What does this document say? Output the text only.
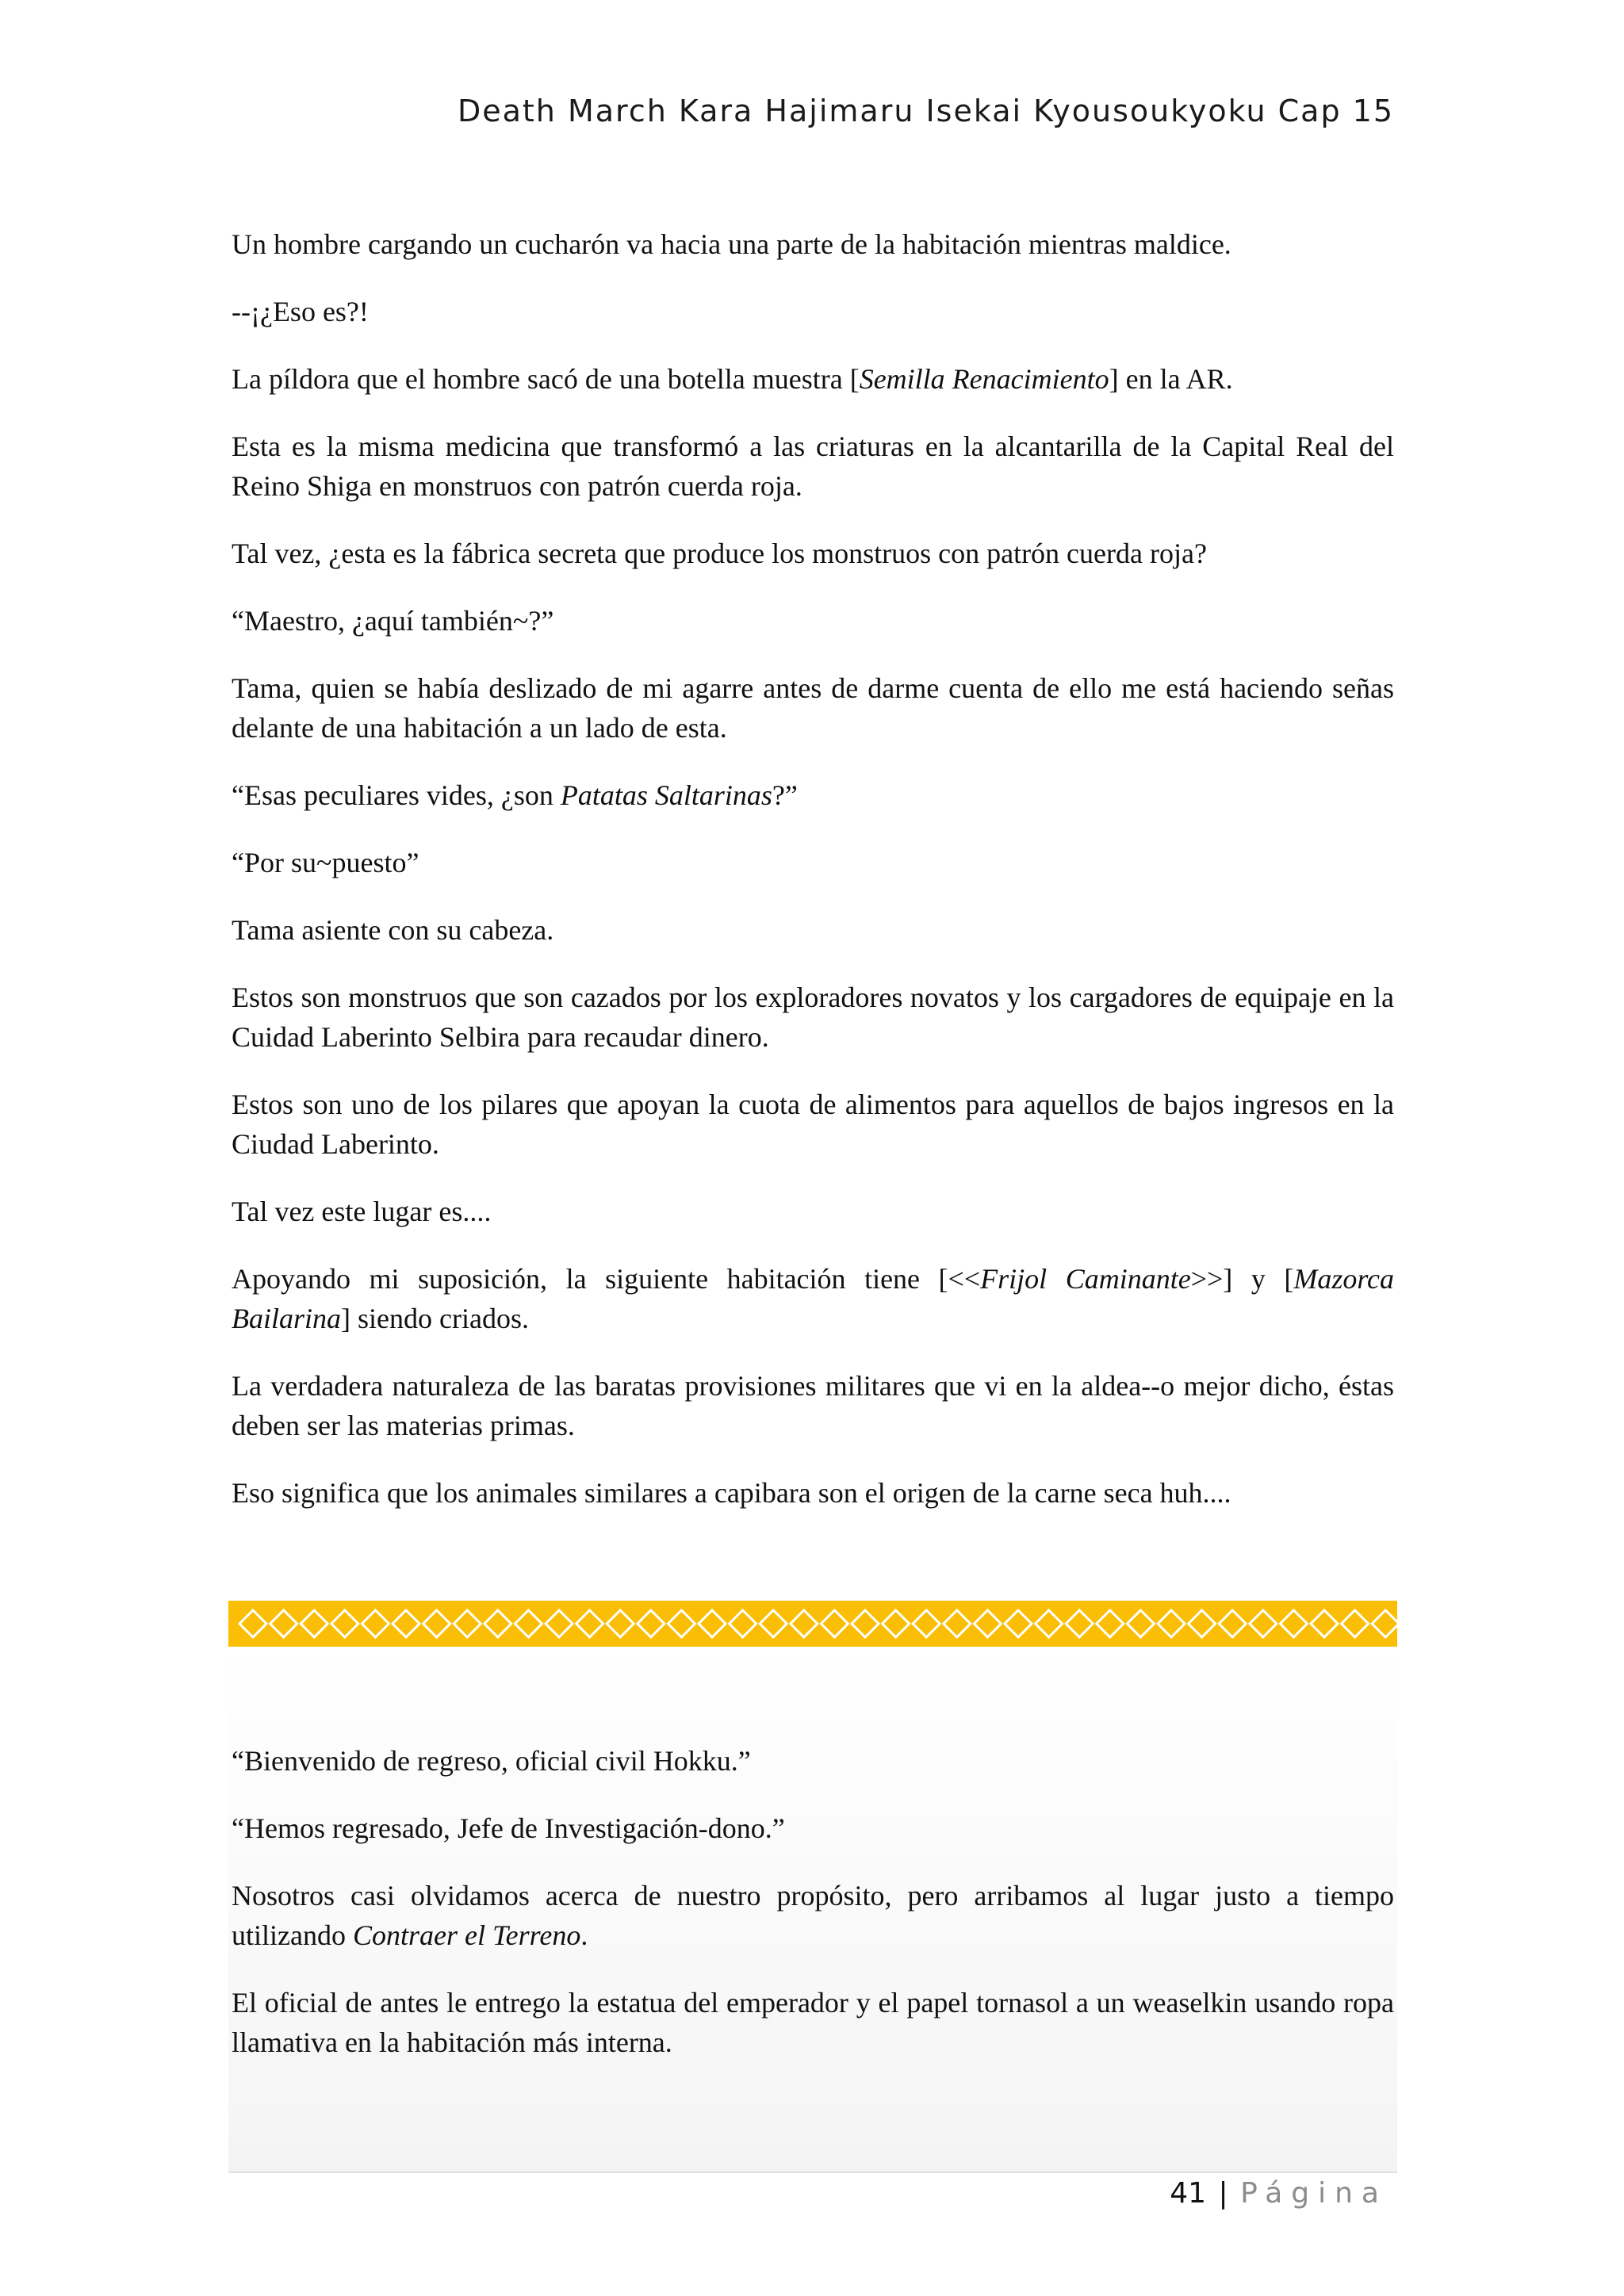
Death March Kara Hajimaru Isekai Kyousoukyoku Cap 15

Un hombre cargando un cucharón va hacia una parte de la habitación mientras maldice.

--¡¿Eso es?!

La píldora que el hombre sacó de una botella muestra [Semilla Renacimiento] en la AR.

Esta es la misma medicina que transformó a las criaturas en la alcantarilla de la Capital Real del Reino Shiga en monstruos con patrón cuerda roja.

Tal vez, ¿esta es la fábrica secreta que produce los monstruos con patrón cuerda roja?

“Maestro, ¿aquí también~?”

Tama, quien se había deslizado de mi agarre antes de darme cuenta de ello me está haciendo señas delante de una habitación a un lado de esta.

“Esas peculiares vides, ¿son Patatas Saltarinas?”

“Por su~puesto”

Tama asiente con su cabeza.

Estos son monstruos que son cazados por los exploradores novatos y los cargadores de equipaje en la Cuidad Laberinto Selbira para recaudar dinero.

Estos son uno de los pilares que apoyan la cuota de alimentos para aquellos de bajos ingresos en la Ciudad Laberinto.

Tal vez este lugar es....

Apoyando mi suposición, la siguiente habitación tiene [<<Frijol Caminante>>] y [Mazorca Bailarina] siendo criados.

La verdadera naturaleza de las baratas provisiones militares que vi en la aldea--o mejor dicho, éstas deben ser las materias primas.

Eso significa que los animales similares a capibara son el origen de la carne seca huh....

“Bienvenido de regreso, oficial civil Hokku.”

“Hemos regresado, Jefe de Investigación-dono.”

Nosotros casi olvidamos acerca de nuestro propósito, pero arribamos al lugar justo a tiempo utilizando Contraer el Terreno.

El oficial de antes le entrego la estatua del emperador y el papel tornasol a un weaselkin usando ropa llamativa en la habitación más interna.

41 | Página
